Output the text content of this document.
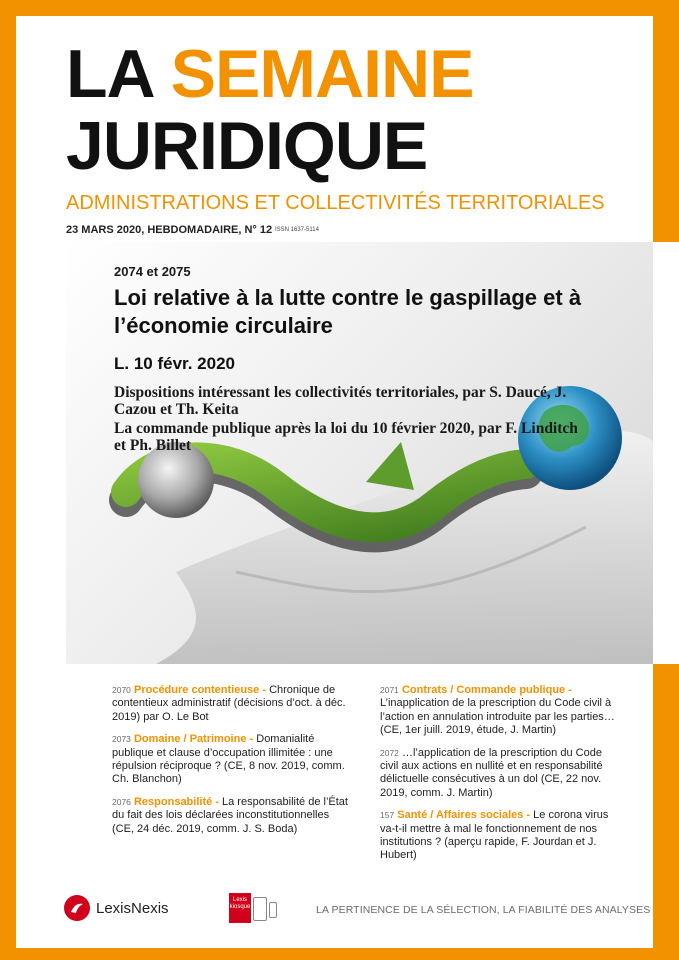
LA SEMAINE
JURIDIQUE
ADMINISTRATIONS ET COLLECTIVITÉS TERRITORIALES
23 MARS 2020, HEBDOMADAIRE, N° 12 ISSN 1637-5114
2074 et 2075
Loi relative à la lutte contre le gaspillage et à l’économie circulaire
L. 10 févr. 2020
Dispositions intéressant les collectivités territoriales, par S. Daucé, J. Cazou et Th. Keita
La commande publique après la loi du 10 février 2020, par F. Linditch et Ph. Billet
2070 Procédure contentieuse - Chronique de contentieux administratif (décisions d’oct. à déc. 2019) par O. Le Bot
2073 Domaine / Patrimoine - Domanialité publique et clause d’occupation illimitée : une répulsion réciproque ? (CE, 8 nov. 2019, comm. Ch. Blanchon)
2076 Responsabilité - La responsabilité de l’État du fait des lois déclarées inconstitutionnelles (CE, 24 déc. 2019, comm. J. S. Boda)
2071 Contrats / Commande publique - L’inapplication de la prescription du Code civil à l’action en annulation introduite par les parties… (CE, 1er juill. 2019, étude, J. Martin)
2072 …l’application de la prescription du Code civil aux actions en nullité et en responsabilité délictuelle consécutives à un dol (CE, 22 nov. 2019, comm. J. Martin)
157 Santé / Affaires sociales - Le corona virus va-t-il mettre à mal le fonctionnement de nos institutions ? (aperçu rapide, F. Jourdan et J. Hubert)
LexisNexis	Lexis
kiosque	LA PERTINENCE DE LA SÉLECTION, LA FIABILITÉ DES ANALYSES
